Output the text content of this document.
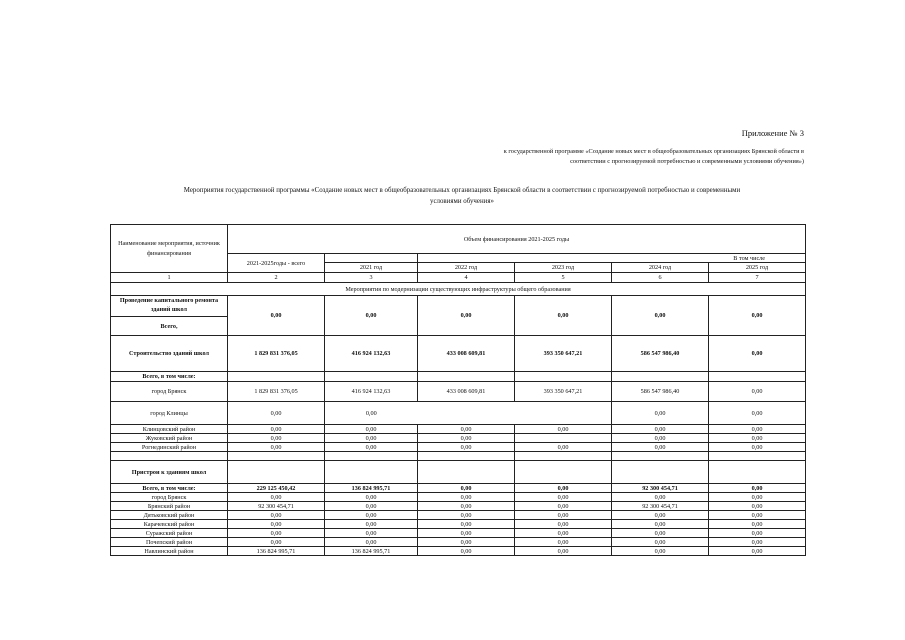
Приложение № 3
к государственной программе «Создание новых мест в общеобразовательных организациях Брянской области в
соответствии с прогнозируемой потребностью и современными условиями обучения»)
Мероприятия государственной программы «Создание новых мест в общеобразовательных организациях Брянской области в соответствии с прогнозируемой потребностью и современными
условиями обучения»
Наименование мероприятия, источник финансирования	Объем финансирования 2021-2025 годы					
	2021-2025годы - всего		В том числе			
		2021 год	2022 год	2023 год	2024 год	2025 год
1	2	3	4	5	6	7
Мероприятия по модернизации существующих инфраструктуры общего образования						
Проведение капитального ремонта зданий школ	0,00	0,00	0,00	0,00	0,00	0,00
Всего,						
Строительство зданий школ	1 829 831 376,05	416 924 132,63	433 008 609,81	393 350 647,21	586 547 986,40	0,00
Всего, в том числе:						
город Брянск	1 829 831 376,05	416 924 132,63	433 008 609,81	393 350 647,21	586 547 986,40	0,00
город Клинцы	0,00	0,00			0,00	0,00
Клинцовский район	0,00	0,00	0,00	0,00	0,00	0,00
Жуковский район	0,00	0,00	0,00		0,00	0,00
Рогнединский район	0,00	0,00	0,00	0,00	0,00	0,00

Пристрои к зданиям школ						
Всего, в том числе:	229 125 450,42	136 824 995,71	0,00	0,00	92 300 454,71	0,00
город Брянск	0,00	0,00	0,00	0,00	0,00	0,00
Брянский район	92 300 454,71	0,00	0,00	0,00	92 300 454,71	0,00
Дятьковский район	0,00	0,00	0,00	0,00	0,00	0,00
Карачевский район	0,00	0,00	0,00	0,00	0,00	0,00
Суражский район	0,00	0,00	0,00	0,00	0,00	0,00
Почепский район	0,00	0,00	0,00	0,00	0,00	0,00
Навлинский район	136 824 995,71	136 824 995,71	0,00	0,00	0,00	0,00
